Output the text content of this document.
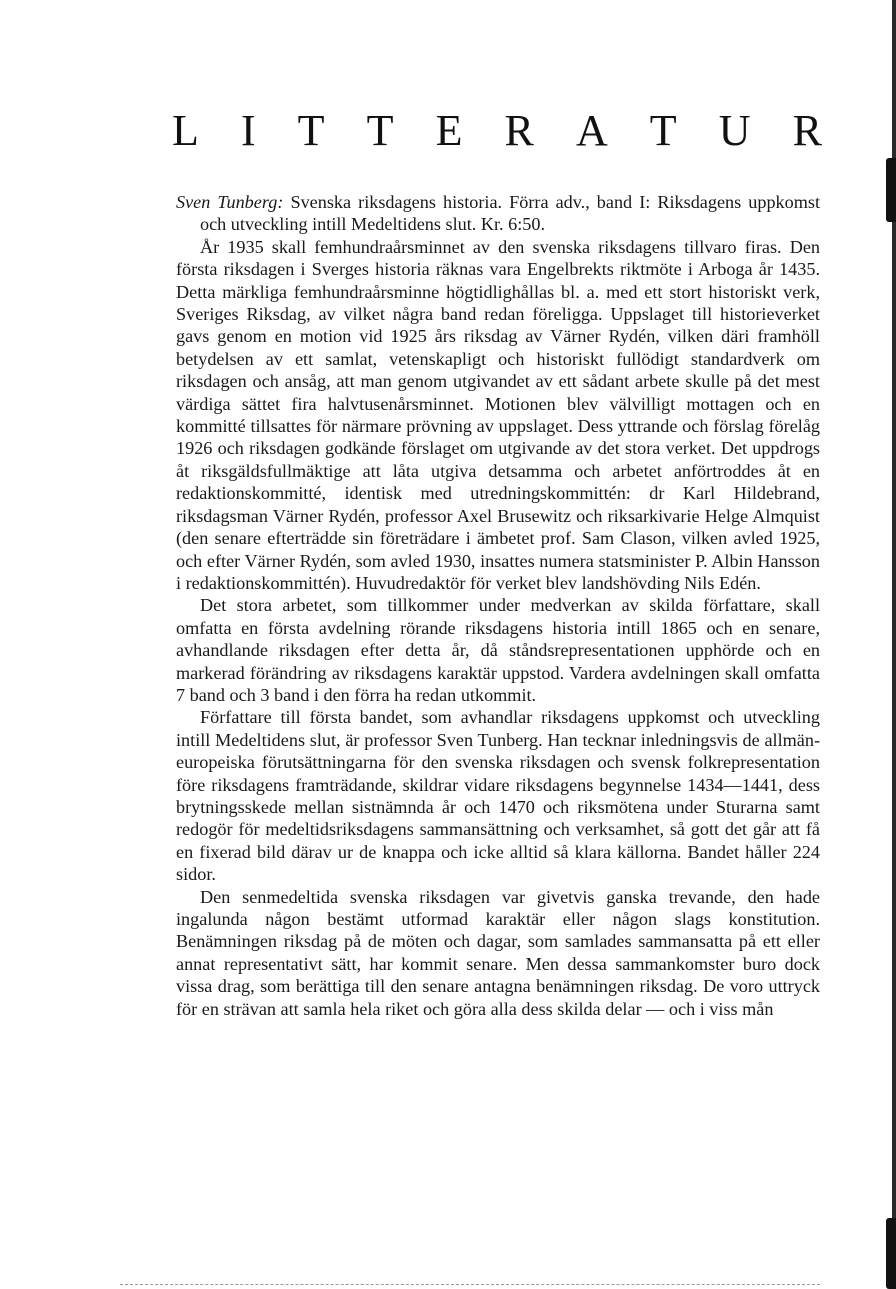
L I T T E R A T U R

Sven Tunberg: Svenska riksdagens historia. Förra adv., band I: Riksdagens uppkomst och utveckling intill Medeltidens slut. Kr. 6:50.

År 1935 skall femhundraårsminnet av den svenska riksdagens tillvaro firas. Den första riksdagen i Sverges historia räknas vara Engelbrekts riktmöte i Arboga år 1435. Detta märkliga femhundraårsminne högtidlighållas bl. a. med ett stort historiskt verk, Sveriges Riksdag, av vilket några band redan föreligga. Uppslaget till historieverket gavs genom en motion vid 1925 års riksdag av Värner Rydén, vilken däri framhöll betydelsen av ett samlat, vetenskapligt och historiskt fullödigt standardverk om riksdagen och ansåg, att man genom utgivandet av ett sådant arbete skulle på det mest värdiga sättet fira halvtusenårsminnet. Motionen blev välvilligt mottagen och en kommitté tillsattes för närmare prövning av uppslaget. Dess yttrande och förslag förelåg 1926 och riksdagen godkände förslaget om utgivande av det stora verket. Det uppdrogs åt riksgäldsfullmäktige att låta utgiva detsamma och arbetet anförtroddes åt en redaktionskommitté, identisk med utredningskommittén: dr Karl Hildebrand, riksdagsman Värner Rydén, professor Axel Brusewitz och riksarkivarie Helge Almquist (den senare efterträdde sin företrädare i ämbetet prof. Sam Clason, vilken avled 1925, och efter Värner Rydén, som avled 1930, insattes numera statsminister P. Albin Hansson i redaktionskommittén). Huvudredaktör för verket blev landshövding Nils Edén.

Det stora arbetet, som tillkommer under medverkan av skilda författare, skall omfatta en första avdelning rörande riksdagens historia intill 1865 och en senare, avhandlande riksdagen efter detta år, då ståndsrepresentationen upphörde och en markerad förändring av riksdagens karaktär uppstod. Vardera avdelningen skall omfatta 7 band och 3 band i den förra ha redan utkommit.

Författare till första bandet, som avhandlar riksdagens uppkomst och utveckling intill Medeltidens slut, är professor Sven Tunberg. Han tecknar inledningsvis de allmän-europeiska förutsättningarna för den svenska riksdagen och svensk folkrepresentation före riksdagens framträdande, skildrar vidare riksdagens begynnelse 1434—1441, dess brytningsskede mellan sistnämnda år och 1470 och riksmötena under Sturarna samt redogör för medeltidsriksdagens sammansättning och verksamhet, så gott det går att få en fixerad bild därav ur de knappa och icke alltid så klara källorna. Bandet håller 224 sidor.

Den senmedeltida svenska riksdagen var givetvis ganska trevande, den hade ingalunda någon bestämt utformad karaktär eller någon slags konstitution. Benämningen riksdag på de möten och dagar, som samlades sammansatta på ett eller annat representativt sätt, har kommit senare. Men dessa sammankomster buro dock vissa drag, som berättiga till den senare antagna benämningen riksdag. De voro uttryck för en strävan att samla hela riket och göra alla dess skilda delar — och i viss mån
